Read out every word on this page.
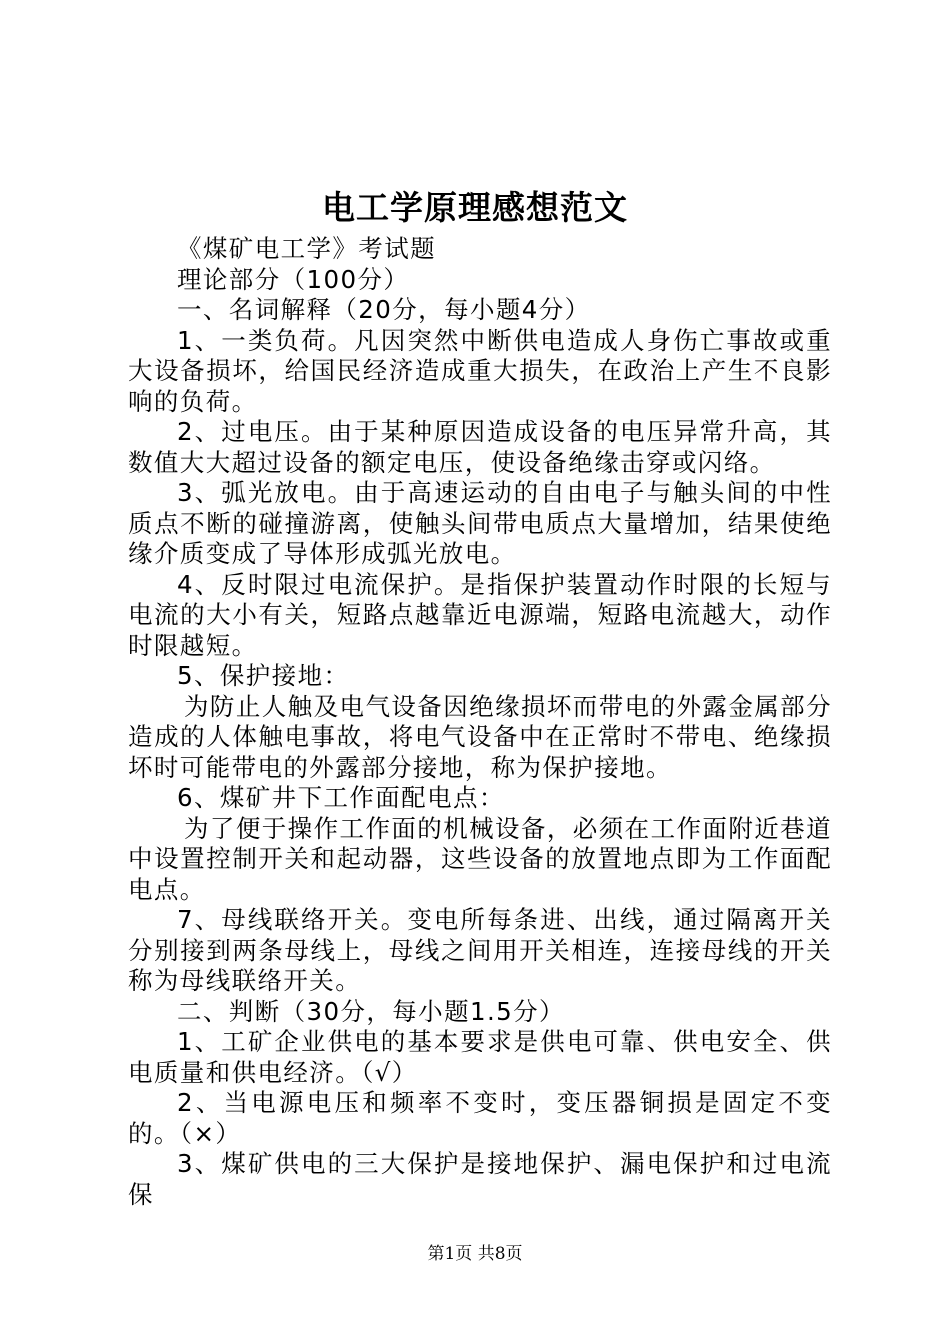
电工学原理感想范文

《煤矿电工学》考试题

理论部分（100分）

一、名词解释（20分，每小题4分）

1、一类负荷。凡因突然中断供电造成人身伤亡事故或重大设备损坏，给国民经济造成重大损失，在政治上产生不良影响的负荷。

2、过电压。由于某种原因造成设备的电压异常升高，其数值大大超过设备的额定电压，使设备绝缘击穿或闪络。

3、弧光放电。由于高速运动的自由电子与触头间的中性质点不断的碰撞游离，使触头间带电质点大量增加，结果使绝缘介质变成了导体形成弧光放电。

4、反时限过电流保护。是指保护装置动作时限的长短与电流的大小有关，短路点越靠近电源端，短路电流越大，动作时限越短。

5、保护接地：

为防止人触及电气设备因绝缘损坏而带电的外露金属部分造成的人体触电事故，将电气设备中在正常时不带电、绝缘损坏时可能带电的外露部分接地，称为保护接地。

6、煤矿井下工作面配电点：

为了便于操作工作面的机械设备，必须在工作面附近巷道中设置控制开关和起动器，这些设备的放置地点即为工作面配电点。

7、母线联络开关。变电所每条进、出线，通过隔离开关分别接到两条母线上，母线之间用开关相连，连接母线的开关称为母线联络开关。

二、判断（30分，每小题1.5分）

1、工矿企业供电的基本要求是供电可靠、供电安全、供电质量和供电经济。（√）

2、当电源电压和频率不变时，变压器铜损是固定不变的。（×）

3、煤矿供电的三大保护是接地保护、漏电保护和过电流保

第1页 共8页
